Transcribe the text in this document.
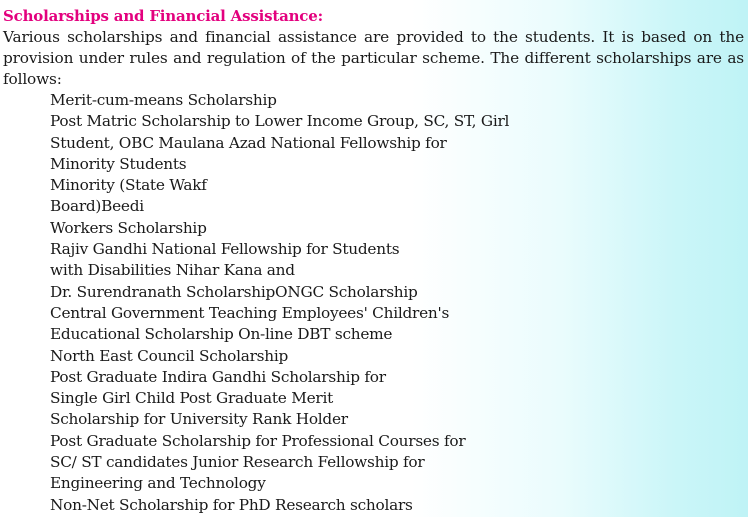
Scholarships and Financial Assistance:

Various scholarships and financial assistance are provided to the students. It is based on the provision under rules and regulation of the particular scheme. The different scholarships are as follows:

Merit-cum-means Scholarship
Post Matric Scholarship to Lower Income Group, SC, ST, Girl
Student, OBC Maulana Azad National Fellowship for
Minority Students
Minority (State Wakf
Board)Beedi
Workers Scholarship
Rajiv Gandhi National Fellowship for Students
with Disabilities Nihar Kana and
Dr. Surendranath ScholarshipONGC Scholarship
Central Government Teaching Employees' Children's
Educational Scholarship On-line DBT scheme
North East Council Scholarship
Post Graduate Indira Gandhi Scholarship for
Single Girl Child Post Graduate Merit
Scholarship for University Rank Holder
Post Graduate Scholarship for Professional Courses for
SC/ ST candidates Junior Research Fellowship for
Engineering and Technology
Non-Net Scholarship for PhD Research scholars
